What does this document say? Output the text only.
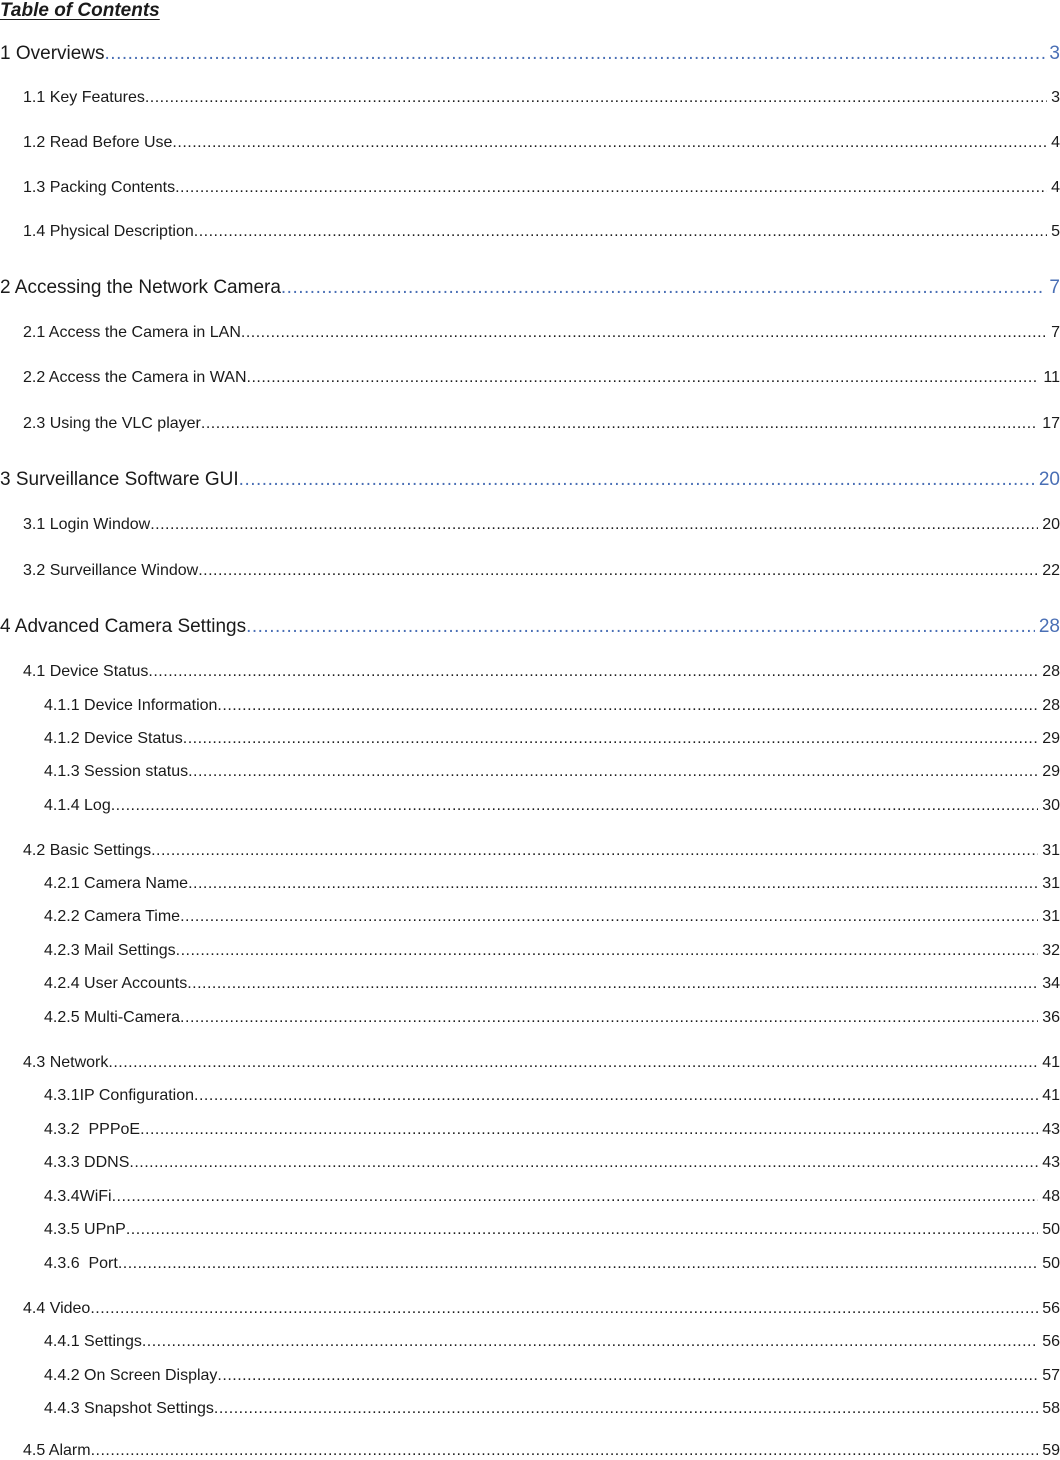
Table of Contents
1 Overviews .....	3
1.1 Key Features .....	3
1.2 Read Before Use .....	4
1.3 Packing Contents .....	4
1.4 Physical Description .....	5
2 Accessing the Network Camera .....	7
2.1 Access the Camera in LAN .....	7
2.2 Access the Camera in WAN .....	11
2.3 Using the VLC player .....	17
3 Surveillance Software GUI .....	20
3.1 Login Window .....	20
3.2 Surveillance Window .....	22
4 Advanced Camera Settings .....	28
4.1 Device Status .....	28
4.1.1 Device Information .....	28
4.1.2 Device Status .....	29
4.1.3 Session status .....	29
4.1.4 Log .....	30
4.2 Basic Settings .....	31
4.2.1 Camera Name .....	31
4.2.2 Camera Time .....	31
4.2.3 Mail Settings .....	32
4.2.4 User Accounts .....	34
4.2.5 Multi-Camera .....	36
4.3 Network .....	41
4.3.1IP Configuration .....	41
4.3.2  PPPoE .....	43
4.3.3 DDNS .....	43
4.3.4WiFi .....	48
4.3.5 UPnP .....	50
4.3.6  Port .....	50
4.4 Video .....	56
4.4.1 Settings .....	56
4.4.2 On Screen Display .....	57
4.4.3 Snapshot Settings .....	58
4.5 Alarm .....	59
